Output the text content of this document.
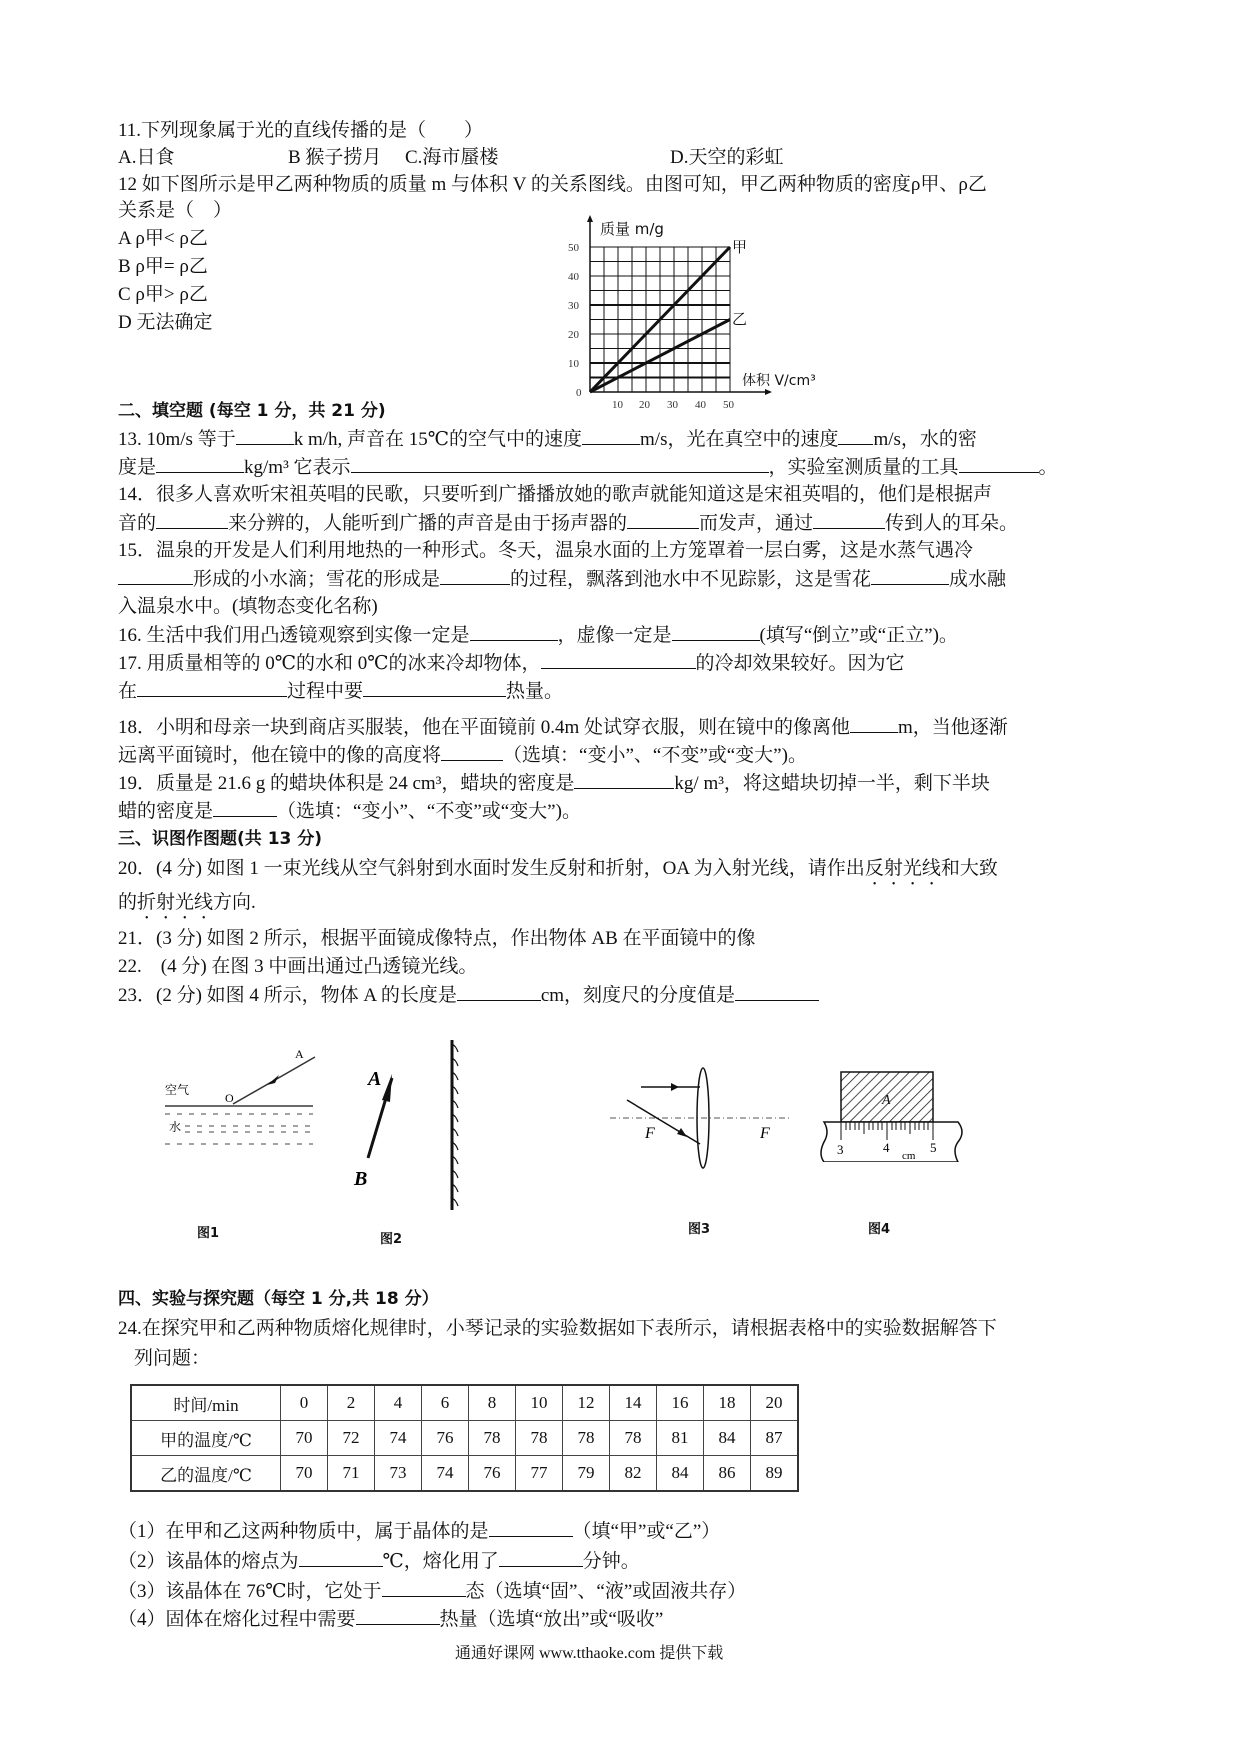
11.下列现象属于光的直线传播的是（　　）
A.日食	B 猴子捞月 C.海市蜃楼	D.天空的彩虹
12 如下图所示是甲乙两种物质的质量 m 与体积 V 的关系图线。由图可知，甲乙两种物质的密度ρ甲、ρ乙
关系是（　）
A ρ甲< ρ乙
B ρ甲= ρ乙
C ρ甲> ρ乙
D 无法确定
质量 m/g
甲
乙
体积 V/cm³
50
40
30
20
10
0
10 20 30 40 50
二、填空题 (每空 1 分，共 21 分)
13. 10m/s 等于	k m/h, 声音在 15℃的空气中的速度	m/s，光在真空中的速度 m/s，水的密
度是	kg/m³ 它表示	，实验室测质量的工具	。
14．很多人喜欢听宋祖英唱的民歌，只要听到广播播放她的歌声就能知道这是宋祖英唱的，他们是根据声
音的	来分辨的，人能听到广播的声音是由于扬声器的	而发声，通过	传到人的耳朵。
15．温泉的开发是人们利用地热的一种形式。冬天，温泉水面的上方笼罩着一层白雾，这是水蒸气遇冷
形成的小水滴；雪花的形成是	的过程，飘落到池水中不见踪影，这是雪花	成水融
入温泉水中。(填物态变化名称)
16. 生活中我们用凸透镜观察到实像一定是	，虚像一定是	(填写“倒立”或“正立”)。
17. 用质量相等的 0℃的水和 0℃的冰来冷却物体，	的冷却效果较好。因为它
在	过程中要	热量。
18．小明和母亲一块到商店买服装，他在平面镜前 0.4m 处试穿衣服，则在镜中的像离他	m，当他逐渐
远离平面镜时，他在镜中的像的高度将	（选填：“变小”、“不变”或“变大”)。
19．质量是 21.6 g 的蜡块体积是 24 cm³，蜡块的密度是	kg/ m³，将这蜡块切掉一半，剩下半块
蜡的密度是	（选填：“变小”、“不变”或“变大”)。
三、识图作图题(共 13 分)
20．(4 分) 如图 1 一束光线从空气斜射到水面时发生反射和折射，OA 为入射光线，请作出反射光线和大致
的折射光线方向.
21．(3 分) 如图 2 所示，根据平面镜成像特点，作出物体 AB 在平面镜中的像
22.　(4 分) 在图 3 中画出通过凸透镜光线。
23．(2 分) 如图 4 所示，物体 A 的长度是	cm，刻度尺的分度值是
空气
O
A
水
图1
A
B
图2
F	F
图3
A
3	4	5
cm
图4
四、实验与探究题（每空 1 分,共 18 分）
24.在探究甲和乙两种物质熔化规律时，小琴记录的实验数据如下表所示，请根据表格中的实验数据解答下
列问题：
时间/min	0	2	4	6	8	10	12	14	16	18	20
甲的温度/℃	70	72	74	76	78	78	78	78	81	84	87
乙的温度/℃	70	71	73	74	76	77	79	82	84	86	89
（1）在甲和乙这两种物质中，属于晶体的是	（填“甲”或“乙”）
（2）该晶体的熔点为	℃，熔化用了	分钟。
（3）该晶体在 76℃时，它处于	态（选填“固”、“液”或固液共存）
（4）固体在熔化过程中需要	热量（选填“放出”或“吸收”
通通好课网 www.tthaoke.com 提供下载
